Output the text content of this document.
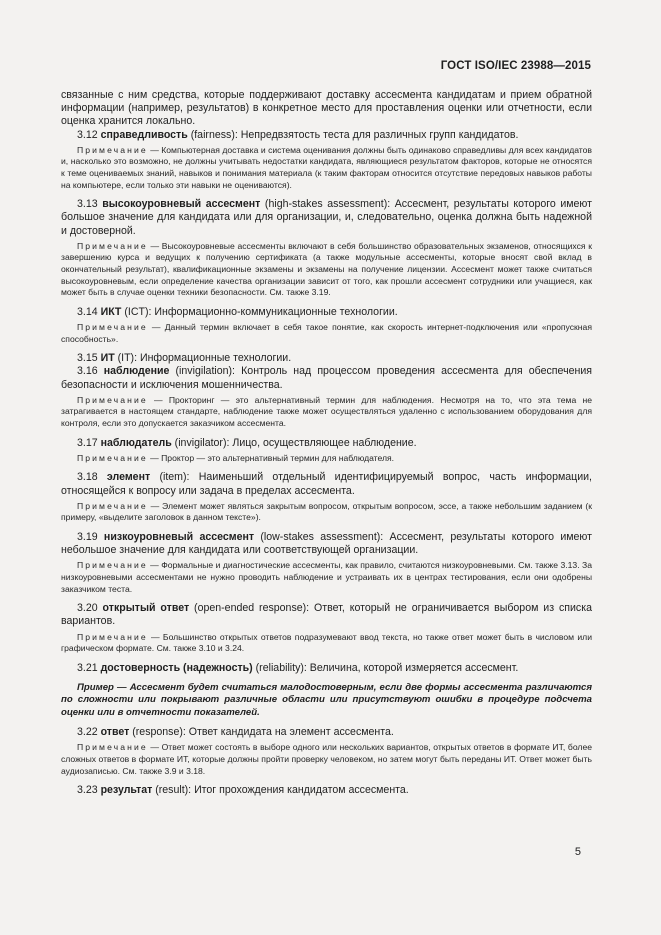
ГОСТ ISO/IEC 23988—2015

связанные с ним средства, которые поддерживают доставку ассесмента кандидатам и прием обратной информации (например, результатов) в конкретное место для проставления оценки или отчетности, если оценка хранится локально.

3.12 справедливость (fairness): Непредвзятость теста для различных групп кандидатов.

Примечание — Компьютерная доставка и система оценивания должны быть одинаково справедливы для всех кандидатов и, насколько это возможно, не должны учитывать недостатки кандидата, являющиеся результатом факторов, которые не относятся к теме оцениваемых знаний, навыков и понимания материала (к таким факторам относится отсутствие передовых навыков работы на компьютере, если только эти навыки не оцениваются).

3.13 высокоуровневый ассесмент (high-stakes assessment): Ассесмент, результаты которого имеют большое значение для кандидата или для организации, и, следовательно, оценка должна быть надежной и достоверной.

Примечание — Высокоуровневые ассесменты включают в себя большинство образовательных экзаменов, относящихся к завершению курса и ведущих к получению сертификата (а также модульные ассесменты, которые вносят свой вклад в окончательный результат), квалификационные экзамены и экзамены на получение лицензии. Ассесмент может также считаться высокоуровневым, если определение качества организации зависит от того, как прошли ассесмент сотрудники или учащиеся, как может быть в случае оценки техники безопасности. См. также 3.19.

3.14 ИКТ (ICT): Информационно-коммуникационные технологии.

Примечание — Данный термин включает в себя такое понятие, как скорость интернет-подключения или «пропускная способность».

3.15 ИТ (IT): Информационные технологии.

3.16 наблюдение (invigilation): Контроль над процессом проведения ассесмента для обеспечения безопасности и исключения мошенничества.

Примечание — Прокторинг — это альтернативный термин для наблюдения. Несмотря на то, что эта тема не затрагивается в настоящем стандарте, наблюдение также может осуществляться удаленно с использованием оборудования для контроля, если это допускается заказчиком ассесмента.

3.17 наблюдатель (invigilator): Лицо, осуществляющее наблюдение.

Примечание — Проктор — это альтернативный термин для наблюдателя.

3.18 элемент (item): Наименьший отдельный идентифицируемый вопрос, часть информации, относящейся к вопросу или задача в пределах ассесмента.

Примечание — Элемент может являться закрытым вопросом, открытым вопросом, эссе, а также небольшим заданием (к примеру, «выделите заголовок в данном тексте»).

3.19 низкоуровневый ассесмент (low-stakes assessment): Ассесмент, результаты которого имеют небольшое значение для кандидата или соответствующей организации.

Примечание — Формальные и диагностические ассесменты, как правило, считаются низкоуровневыми. См. также 3.13. За низкоуровневыми ассесментами не нужно проводить наблюдение и устраивать их в центрах тестирования, если они одобрены заказчиком теста.

3.20 открытый ответ (open-ended response): Ответ, который не ограничивается выбором из списка вариантов.

Примечание — Большинство открытых ответов подразумевают ввод текста, но также ответ может быть в числовом или графическом формате. См. также 3.10 и 3.24.

3.21 достоверность (надежность) (reliability): Величина, которой измеряется ассесмент.

Пример — Ассесмент будет считаться малодостоверным, если две формы ассесмента различаются по сложности или покрывают различные области или присутствуют ошибки в процедуре подсчета оценки или в отчетности показателей.

3.22 ответ (response): Ответ кандидата на элемент ассесмента.

Примечание — Ответ может состоять в выборе одного или нескольких вариантов, открытых ответов в формате ИТ, более сложных ответов в формате ИТ, которые должны пройти проверку человеком, но затем могут быть переданы ИТ. Ответ может быть аудиозаписью. См. также 3.9 и 3.18.

3.23 результат (result): Итог прохождения кандидатом ассесмента.

5
